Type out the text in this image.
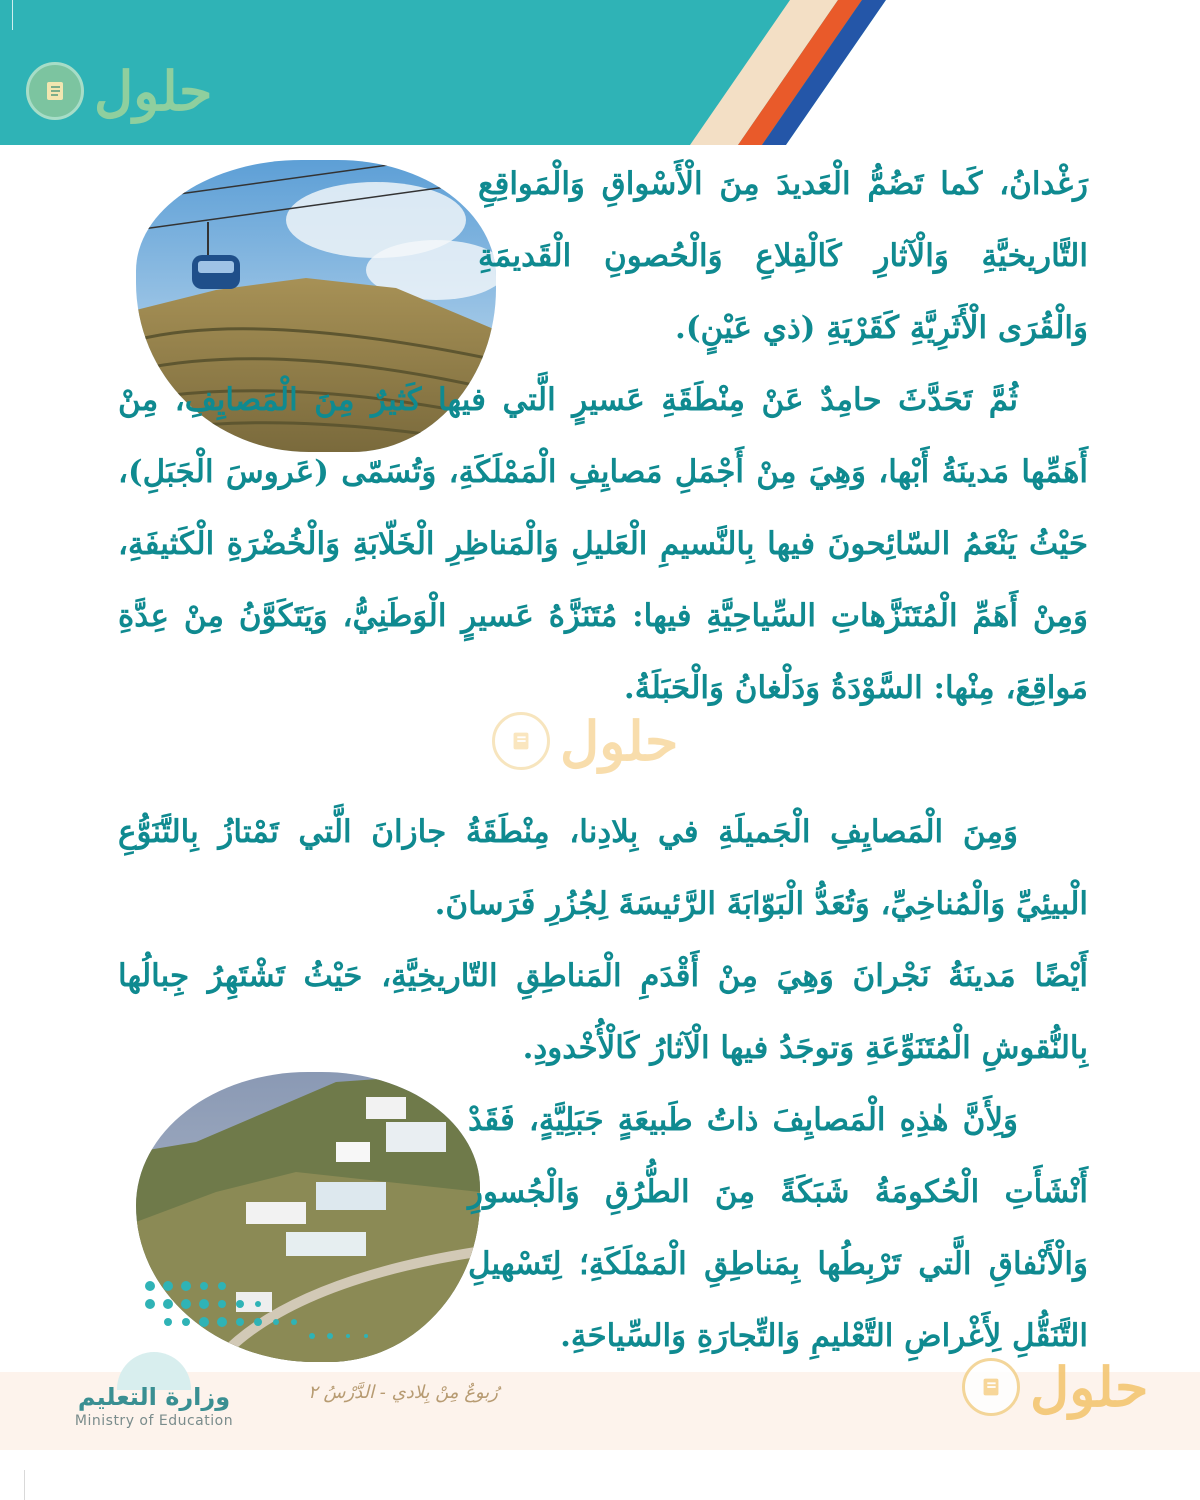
حلول

رَغْدانُ، كَما تَضُمُّ الْعَديدَ مِنَ الْأَسْواقِ وَالْمَواقِعِ التَّاريخيَّةِ وَالْآثارِ كَالْقِلاعِ وَالْحُصونِ الْقَديمَةِ وَالْقُرَى الْأَثَرِيَّةِ كَقَرْيَةِ (ذي عَيْنٍ).

ثُمَّ تَحَدَّثَ حامِدٌ عَنْ مِنْطَقَةِ عَسيرٍ الَّتي فيها كَثيرٌ مِنَ الْمَصايِفِ، مِنْ أَهَمِّها مَدينَةُ أَبْها، وَهِيَ مِنْ أَجْمَلِ مَصايِفِ الْمَمْلَكَةِ، وَتُسَمّى (عَروسَ الْجَبَلِ)، حَيْثُ يَنْعَمُ السّائِحونَ فيها بِالنَّسيمِ الْعَليلِ وَالْمَناظِرِ الْخَلّابَةِ وَالْخُضْرَةِ الْكَثيفَةِ، وَمِنْ أَهَمِّ الْمُتَنَزَّهاتِ السِّياحِيَّةِ فيها: مُتَنَزَّهُ عَسيرٍ الْوَطَنِيُّ، وَيَتَكَوَّنُ مِنْ عِدَّةِ مَواقِعَ، مِنْها: السَّوْدَةُ وَدَلْغانُ وَالْحَبَلَةُ.

حلول

وَمِنَ الْمَصايِفِ الْجَميلَةِ في بِلادِنا، مِنْطَقَةُ جازانَ الَّتي تَمْتازُ بِالتَّنَوُّعِ الْبيئِيِّ وَالْمُناخِيِّ، وَتُعَدُّ الْبَوّابَةَ الرَّئيسَةَ لِجُزُرِ فَرَسانَ.

أَيْضًا مَدينَةُ نَجْرانَ وَهِيَ مِنْ أَقْدَمِ الْمَناطِقِ التّاريخِيَّةِ، حَيْثُ تَشْتَهِرُ جِبالُها بِالنُّقوشِ الْمُتَنَوِّعَةِ وَتوجَدُ فيها الْآثارُ كَالْأُخْدودِ.

وَلِأَنَّ هٰذِهِ الْمَصايِفَ ذاتُ طَبيعَةٍ جَبَلِيَّةٍ، فَقَدْ أَنْشَأَتِ الْحُكومَةُ شَبَكَةً مِنَ الطُّرُقِ وَالْجُسورِ وَالْأَنْفاقِ الَّتي تَرْبِطُها بِمَناطِقِ الْمَمْلَكَةِ؛ لِتَسْهيلِ التَّنَقُّلِ لِأَغْراضِ التَّعْليمِ وَالتِّجارَةِ وَالسِّياحَةِ.

وزارة التعليم
Ministry of Education
رُبوعٌ مِنْ بِلادي - الدَّرْسُ ٢	حلول
